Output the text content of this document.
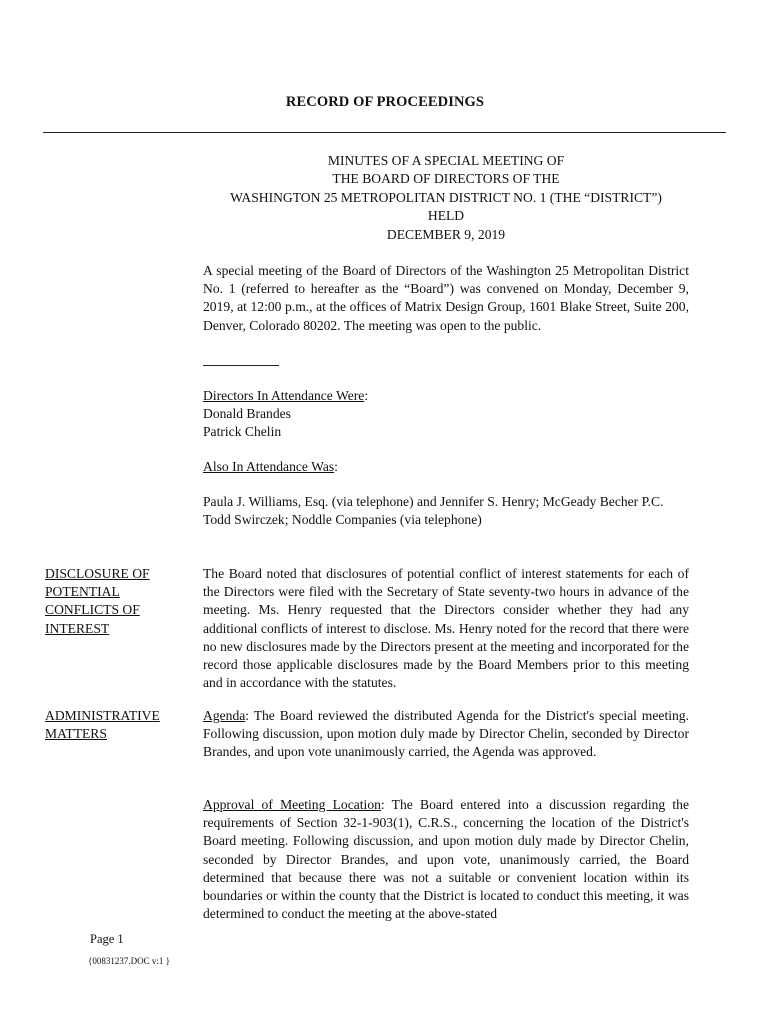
RECORD OF PROCEEDINGS
MINUTES OF A SPECIAL MEETING OF
THE BOARD OF DIRECTORS OF THE
WASHINGTON 25 METROPOLITAN DISTRICT NO. 1 (THE “DISTRICT”)
HELD
DECEMBER 9, 2019
A special meeting of the Board of Directors of the Washington 25 Metropolitan District No. 1 (referred to hereafter as the “Board”) was convened on Monday, December 9, 2019, at 12:00 p.m., at the offices of Matrix Design Group, 1601 Blake Street, Suite 200, Denver, Colorado 80202. The meeting was open to the public.
Directors In Attendance Were:
Donald Brandes
Patrick Chelin
Also In Attendance Was:
Paula J. Williams, Esq. (via telephone) and Jennifer S. Henry; McGeady Becher P.C.
Todd Swirczek; Noddle Companies (via telephone)
DISCLOSURE OF
POTENTIAL
CONFLICTS OF
INTEREST
The Board noted that disclosures of potential conflict of interest statements for each of the Directors were filed with the Secretary of State seventy-two hours in advance of the meeting. Ms. Henry requested that the Directors consider whether they had any additional conflicts of interest to disclose. Ms. Henry noted for the record that there were no new disclosures made by the Directors present at the meeting and incorporated for the record those applicable disclosures made by the Board Members prior to this meeting and in accordance with the statutes.
ADMINISTRATIVE
MATTERS
Agenda: The Board reviewed the distributed Agenda for the District's special meeting. Following discussion, upon motion duly made by Director Chelin, seconded by Director Brandes, and upon vote unanimously carried, the Agenda was approved.
Approval of Meeting Location: The Board entered into a discussion regarding the requirements of Section 32-1-903(1), C.R.S., concerning the location of the District's Board meeting. Following discussion, and upon motion duly made by Director Chelin, seconded by Director Brandes, and upon vote, unanimously carried, the Board determined that because there was not a suitable or convenient location within its boundaries or within the county that the District is located to conduct this meeting, it was determined to conduct the meeting at the above-stated
Page 1
{00831237.DOC v:1 }
